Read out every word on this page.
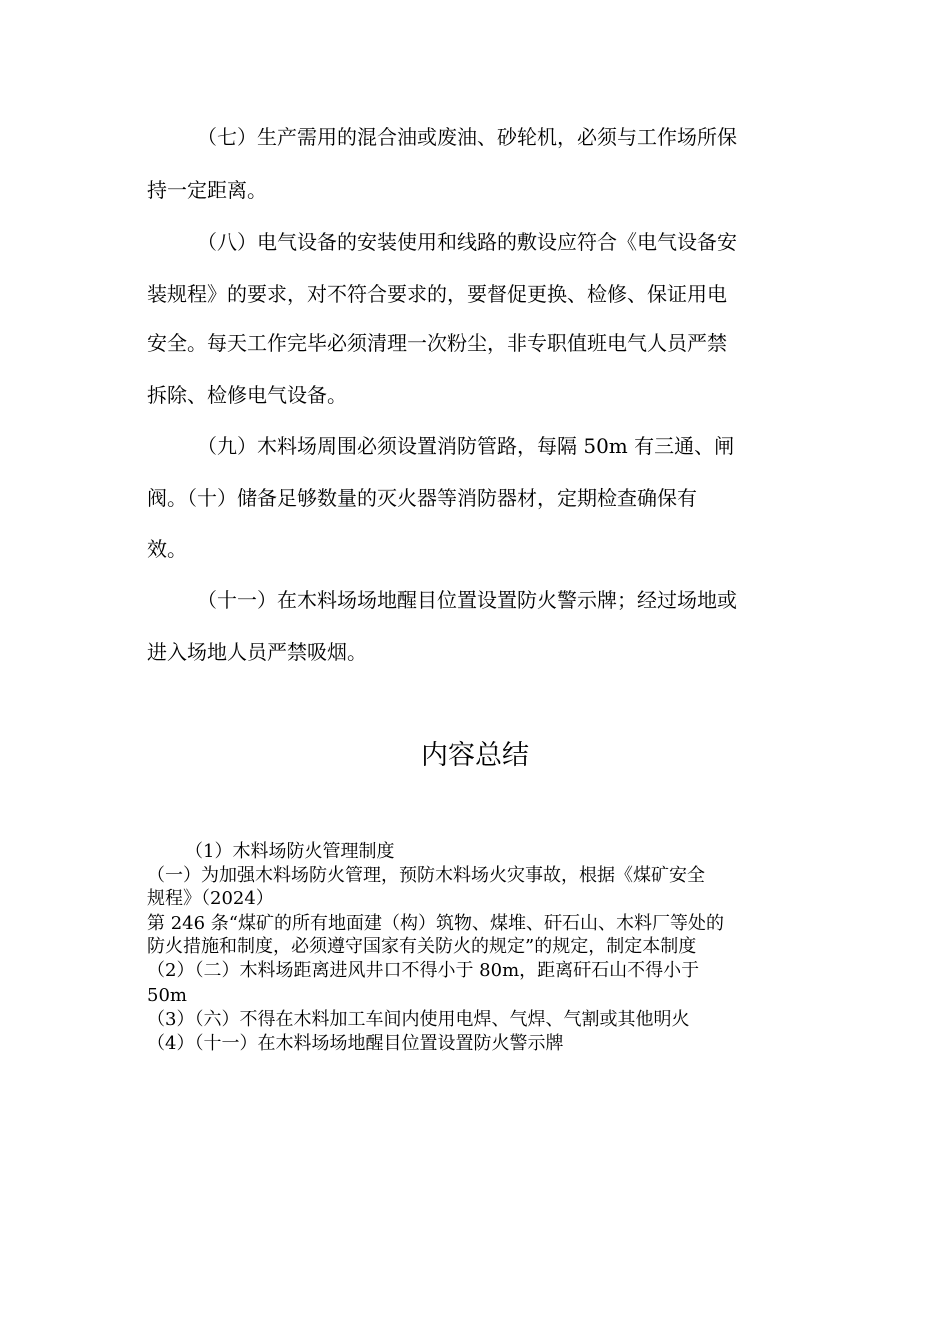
（七）生产需用的混合油或废油、砂轮机，必须与工作场所保
持一定距离。
（八）电气设备的安装使用和线路的敷设应符合《电气设备安
装规程》的要求，对不符合要求的，要督促更换、检修、保证用电
安全。每天工作完毕必须清理一次粉尘，非专职值班电气人员严禁
拆除、检修电气设备。
（九）木料场周围必须设置消防管路，每隔 50m 有三通、闸
阀。（十）储备足够数量的灭火器等消防器材，定期检查确保有
效。
（十一）在木料场场地醒目位置设置防火警示牌；经过场地或
进入场地人员严禁吸烟。
内容总结
（1）木料场防火管理制度
（一）为加强木料场防火管理，预防木料场火灾事故，根据《煤矿安全
规程》（2024）
第 246 条“煤矿的所有地面建（构）筑物、煤堆、矸石山、木料厂等处的
防火措施和制度，必须遵守国家有关防火的规定”的规定，制定本制度
（2）（二）木料场距离进风井口不得小于 80m，距离矸石山不得小于
50m
（3）（六）不得在木料加工车间内使用电焊、气焊、气割或其他明火
（4）（十一）在木料场场地醒目位置设置防火警示牌
